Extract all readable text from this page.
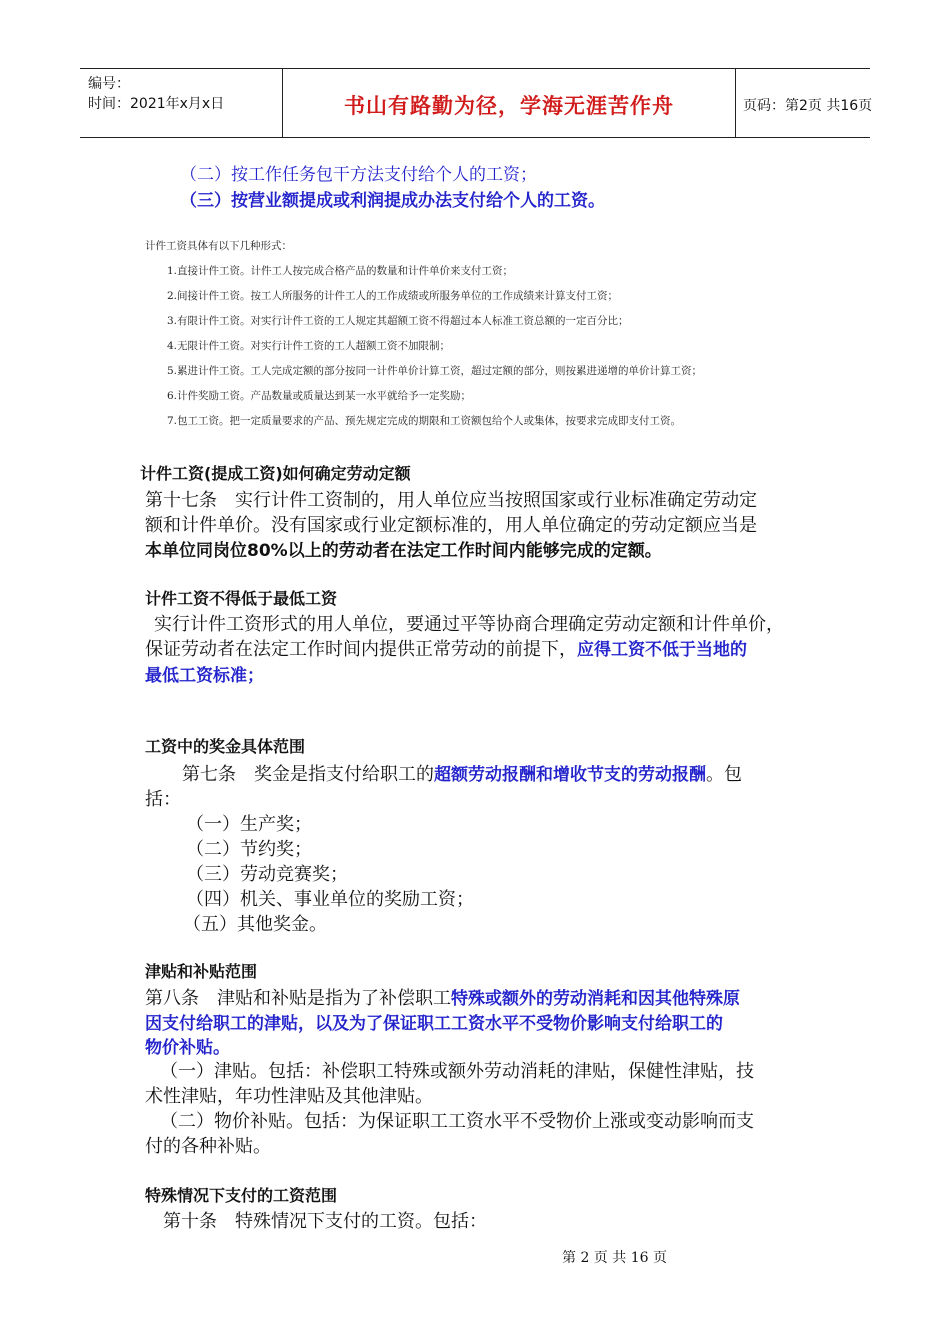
编号：
时间：2021年x月x日	书山有路勤为径，学海无涯苦作舟	页码：第2页 共16页
（二）按工作任务包干方法支付给个人的工资；
（三）按营业额提成或利润提成办法支付给个人的工资。
计件工资具体有以下几种形式：
1.直接计件工资。计件工人按完成合格产品的数量和计件单价来支付工资；
2.间接计件工资。按工人所服务的计件工人的工作成绩或所服务单位的工作成绩来计算支付工资；
3.有限计件工资。对实行计件工资的工人规定其超额工资不得超过本人标准工资总额的一定百分比；
4.无限计件工资。对实行计件工资的工人超额工资不加限制；
5.累进计件工资。工人完成定额的部分按同一计件单价计算工资，超过定额的部分，则按累进递增的单价计算工资；
6.计件奖励工资。产品数量或质量达到某一水平就给予一定奖励；
7.包工工资。把一定质量要求的产品、预先规定完成的期限和工资额包给个人或集体，按要求完成即支付工资。
计件工资(提成工资)如何确定劳动定额
第十七条　实行计件工资制的，用人单位应当按照国家或行业标准确定劳动定
额和计件单价。没有国家或行业定额标准的，用人单位确定的劳动定额应当是
本单位同岗位80%以上的劳动者在法定工作时间内能够完成的定额。
计件工资不得低于最低工资
 实行计件工资形式的用人单位，要通过平等协商合理确定劳动定额和计件单价，
保证劳动者在法定工作时间内提供正常劳动的前提下，应得工资不低于当地的
最低工资标准；
工资中的奖金具体范围
第七条　奖金是指支付给职工的超额劳动报酬和增收节支的劳动报酬。包
括：
（一）生产奖；
（二）节约奖；
（三）劳动竞赛奖；
（四）机关、事业单位的奖励工资；
（五）其他奖金。
津贴和补贴范围
第八条　津贴和补贴是指为了补偿职工特殊或额外的劳动消耗和因其他特殊原
因支付给职工的津贴，以及为了保证职工工资水平不受物价影响支付给职工的
物价补贴。
（一）津贴。包括：补偿职工特殊或额外劳动消耗的津贴，保健性津贴，技
术性津贴，年功性津贴及其他津贴。
（二）物价补贴。包括：为保证职工工资水平不受物价上涨或变动影响而支
付的各种补贴。
特殊情况下支付的工资范围
第十条　特殊情况下支付的工资。包括：
第 2 页 共 16 页
